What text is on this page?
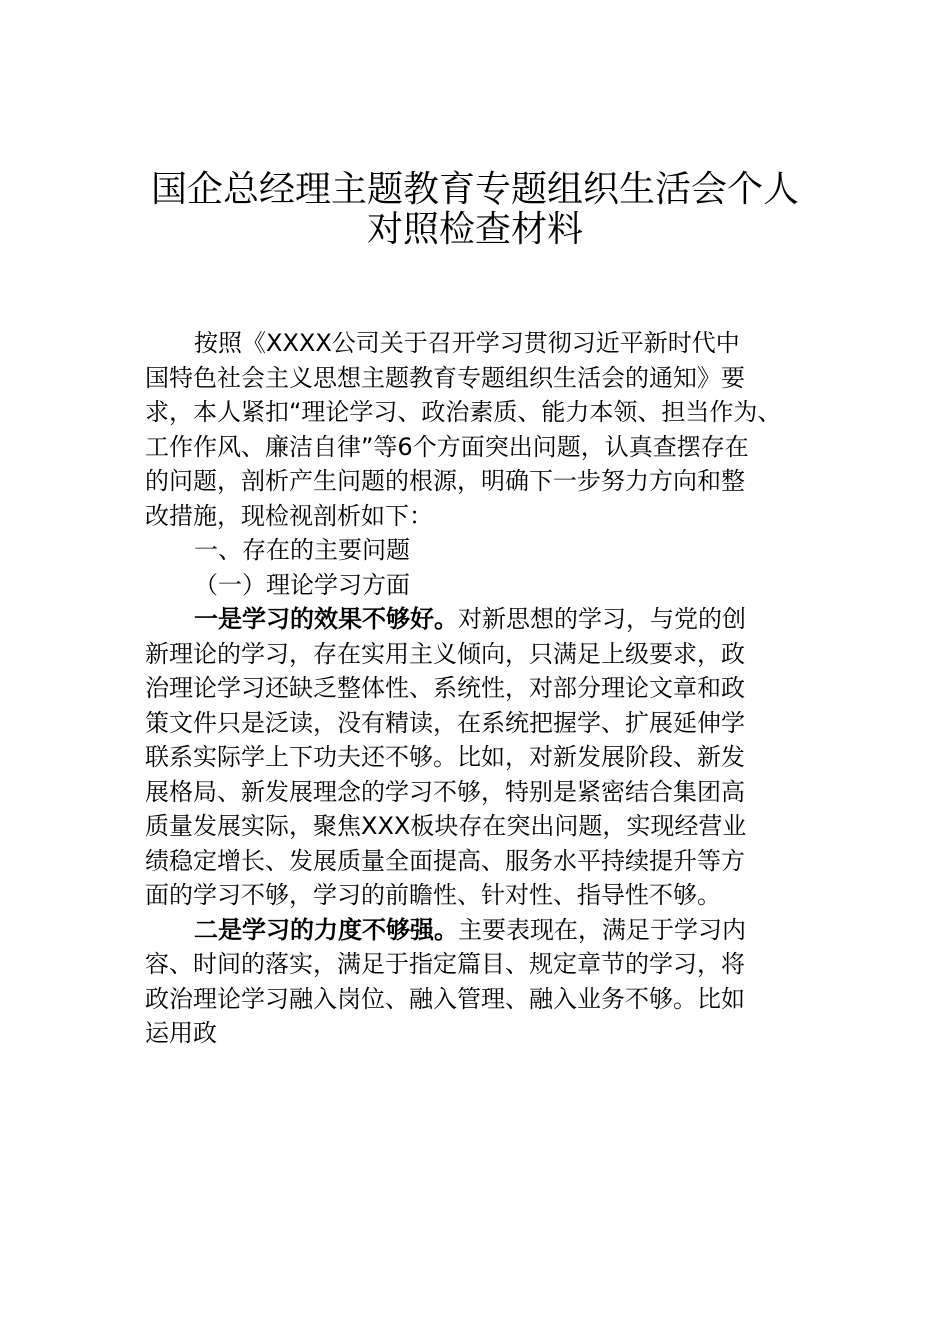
国企总经理主题教育专题组织生活会个人
对照检查材料
按照《XXXX公司关于召开学习贯彻习近平新时代中
国特色社会主义思想主题教育专题组织生活会的通知》要
求，本人紧扣“理论学习、政治素质、能力本领、担当作为、
工作作风、廉洁自律”等6个方面突出问题，认真查摆存在
的问题，剖析产生问题的根源，明确下一步努力方向和整
改措施，现检视剖析如下：
一、存在的主要问题
（一）理论学习方面
一是学习的效果不够好。对新思想的学习，与党的创
新理论的学习，存在实用主义倾向，只满足上级要求，政
治理论学习还缺乏整体性、系统性，对部分理论文章和政
策文件只是泛读，没有精读，在系统把握学、扩展延伸学
联系实际学上下功夫还不够。比如，对新发展阶段、新发
展格局、新发展理念的学习不够，特别是紧密结合集团高
质量发展实际，聚焦XXX板块存在突出问题，实现经营业
绩稳定增长、发展质量全面提高、服务水平持续提升等方
面的学习不够，学习的前瞻性、针对性、指导性不够。
二是学习的力度不够强。主要表现在，满足于学习内
容、时间的落实，满足于指定篇目、规定章节的学习，将
政治理论学习融入岗位、融入管理、融入业务不够。比如
运用政
